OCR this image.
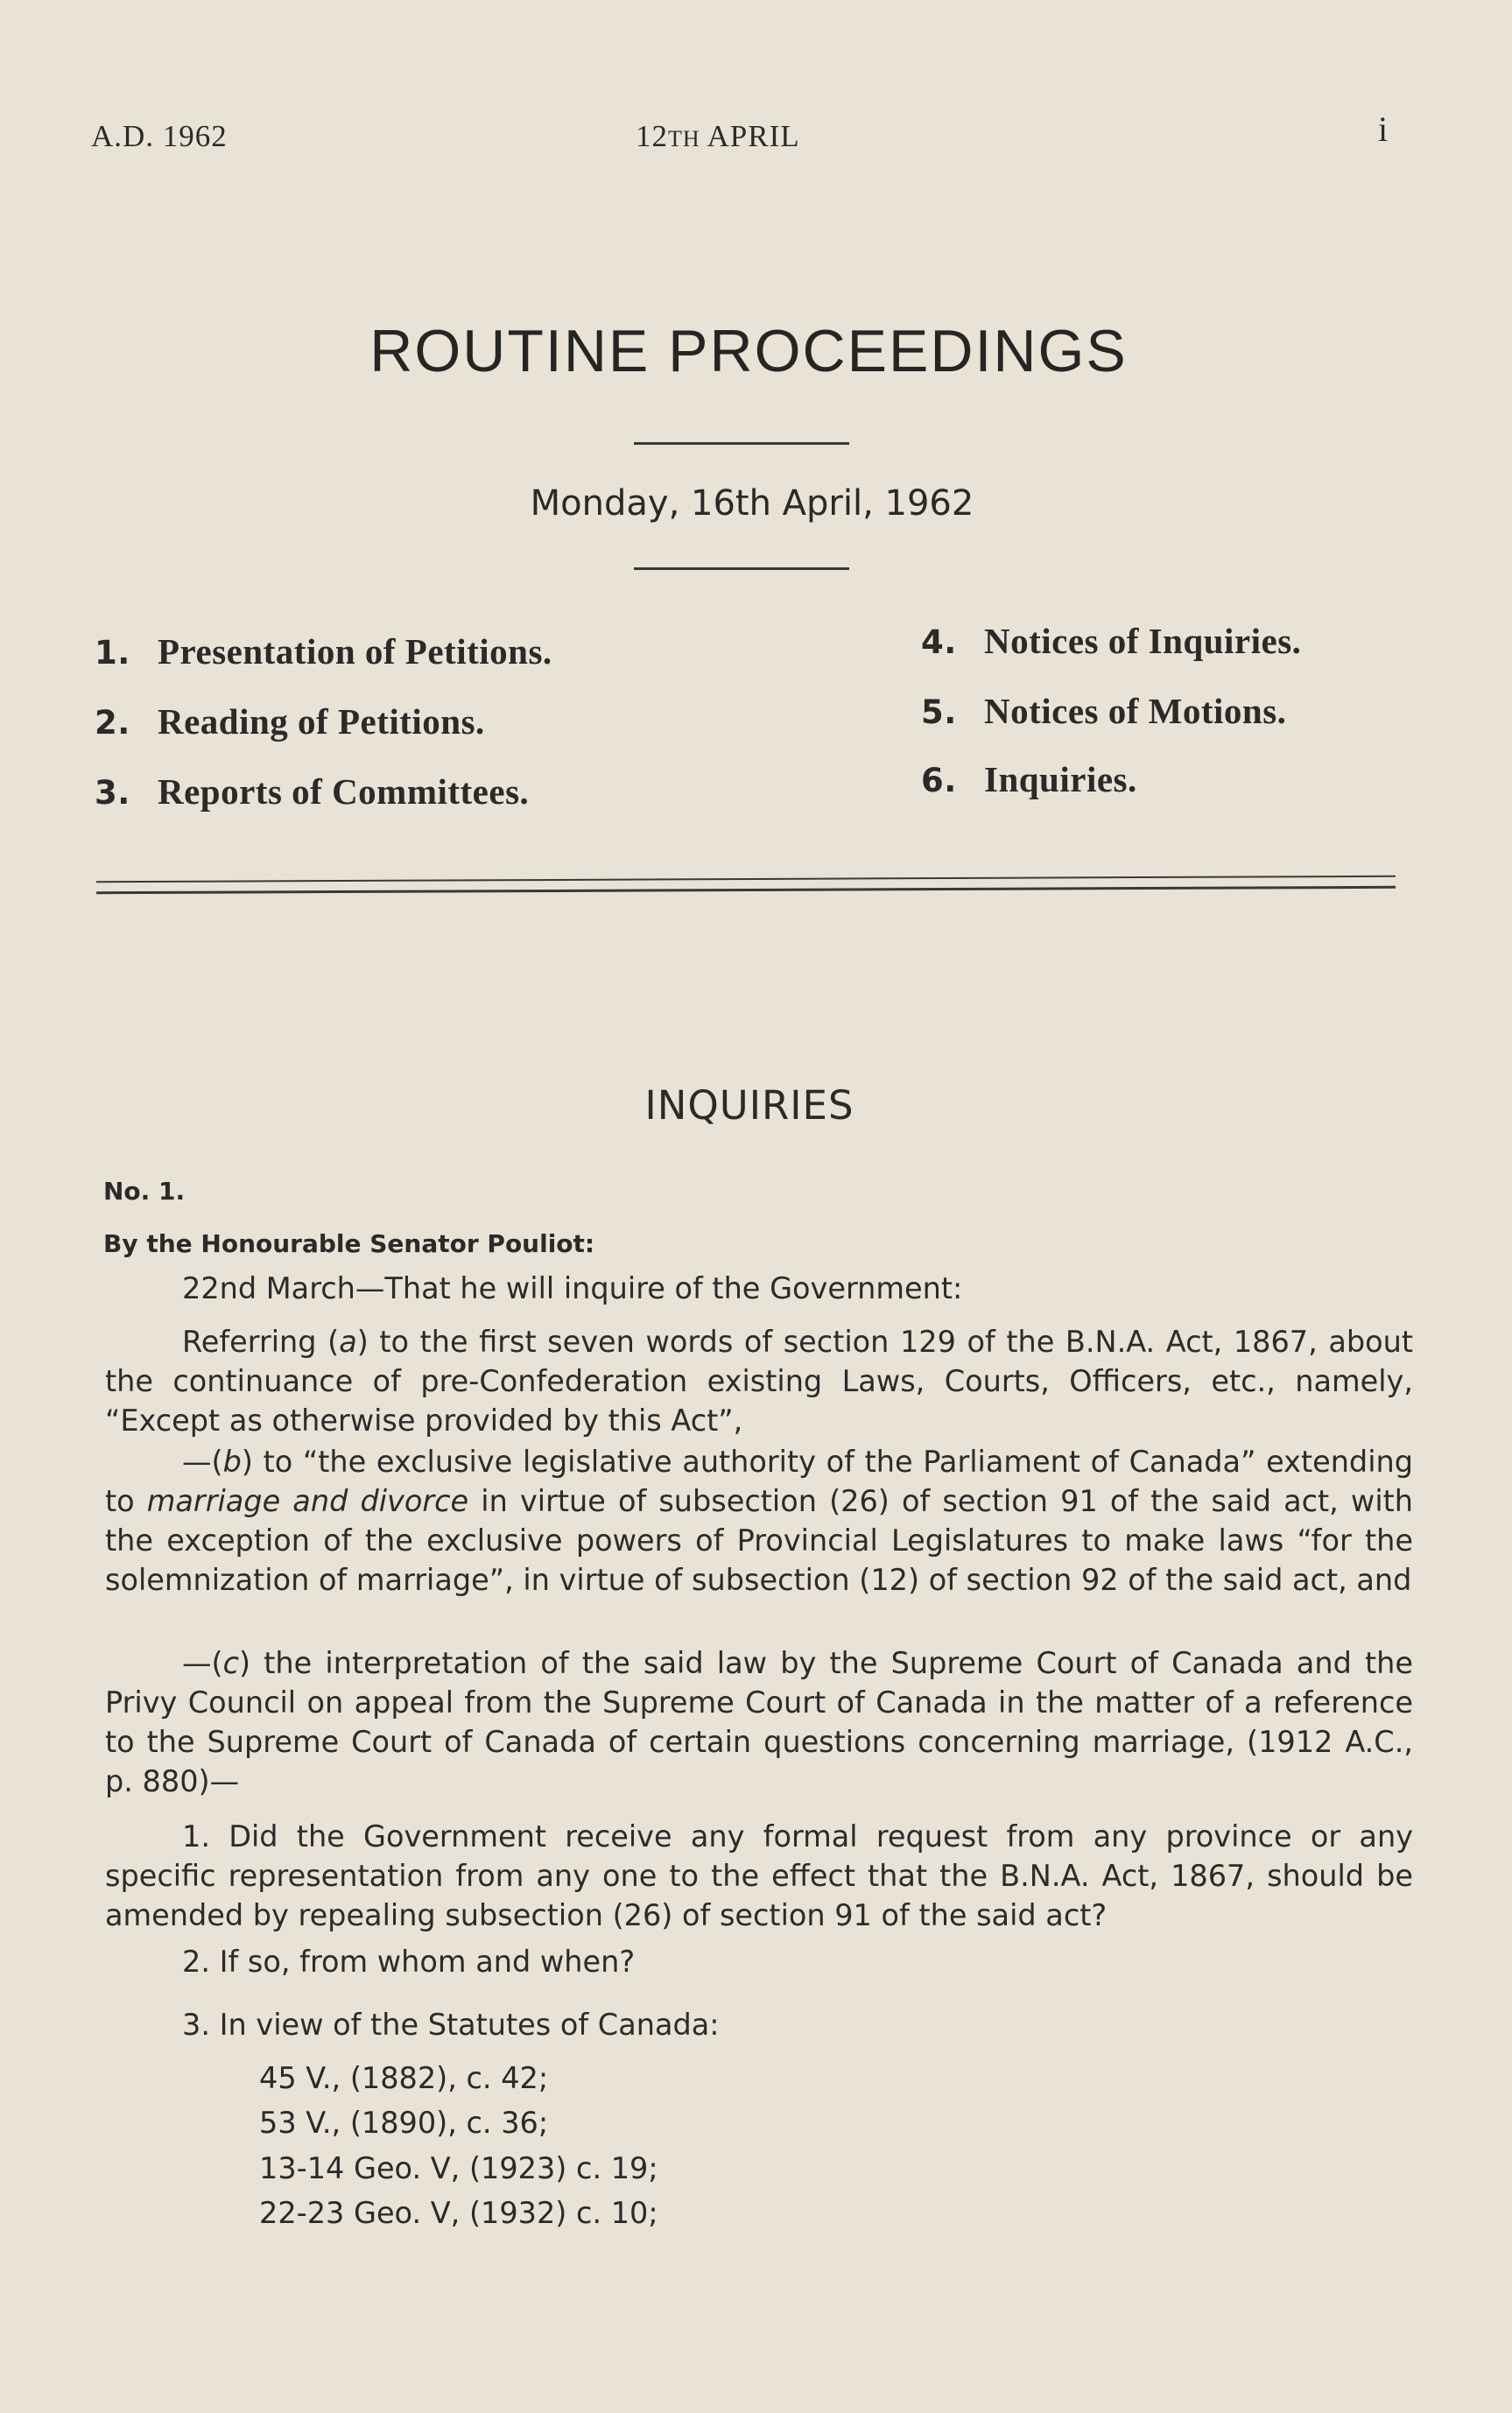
A.D. 1962	12TH APRIL	i
ROUTINE PROCEEDINGS
Monday, 16th April, 1962
1. Presentation of Petitions.
2. Reading of Petitions.
3. Reports of Committees.
4. Notices of Inquiries.
5. Notices of Motions.
6. Inquiries.
INQUIRIES
No. 1.
By the Honourable Senator Pouliot:
22nd March—That he will inquire of the Government:
Referring (a) to the first seven words of section 129 of the B.N.A. Act, 1867, about the continuance of pre-Confederation existing Laws, Courts, Officers, etc., namely, “Except as otherwise provided by this Act”,
—(b) to “the exclusive legislative authority of the Parliament of Canada” extending to marriage and divorce in virtue of subsection (26) of section 91 of the said act, with the exception of the exclusive powers of Provincial Legislatures to make laws “for the solemnization of marriage”, in virtue of subsection (12) of section 92 of the said act, and
—(c) the interpretation of the said law by the Supreme Court of Canada and the Privy Council on appeal from the Supreme Court of Canada in the matter of a reference to the Supreme Court of Canada of certain questions concerning marriage, (1912 A.C., p. 880)—
1. Did the Government receive any formal request from any province or any specific representation from any one to the effect that the B.N.A. Act, 1867, should be amended by repealing subsection (26) of section 91 of the said act?
2. If so, from whom and when?
3. In view of the Statutes of Canada:
45 V., (1882), c. 42;
53 V., (1890), c. 36;
13-14 Geo. V, (1923) c. 19;
22-23 Geo. V, (1932) c. 10;
